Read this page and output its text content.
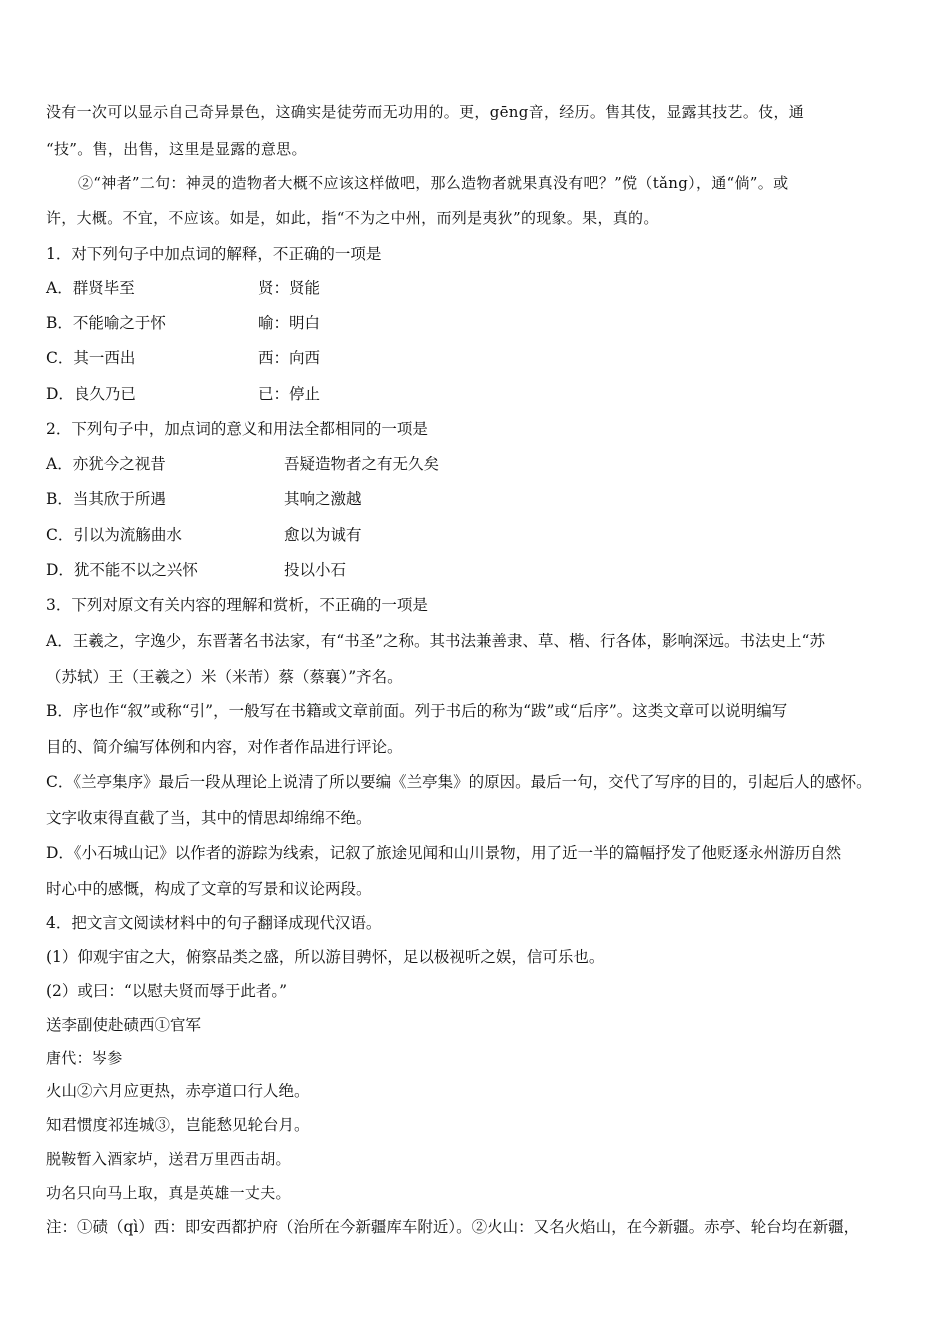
没有一次可以显示自己奇异景色，这确实是徒劳而无功用的。更，gēng音，经历。售其伎，显露其技艺。伎，通
“技”。售，出售，这里是显露的意思。
②“神者”二句：神灵的造物者大概不应该这样做吧，那么造物者就果真没有吧？”傥（tǎng），通“倘”。或
许，大概。不宜，不应该。如是，如此，指“不为之中州，而列是夷狄”的现象。果，真的。
1．对下列句子中加点词的解释，不正确的一项是
A．群贤毕至	贤：贤能
B．不能喻之于怀	喻：明白
C．其一西出	西：向西
D．良久乃已	已：停止
2．下列句子中，加点词的意义和用法全都相同的一项是
A．亦犹今之视昔	吾疑造物者之有无久矣
B．当其欣于所遇	其响之激越
C．引以为流觞曲水	愈以为诚有
D．犹不能不以之兴怀	投以小石
3．下列对原文有关内容的理解和赏析，不正确的一项是
A．王羲之，字逸少，东晋著名书法家，有“书圣”之称。其书法兼善隶、草、楷、行各体，影响深远。书法史上“苏
（苏轼）王（王羲之）米（米芾）蔡（蔡襄）”齐名。
B．序也作“叙”或称“引”，一般写在书籍或文章前面。列于书后的称为“跋”或“后序”。这类文章可以说明编写
目的、简介编写体例和内容，对作者作品进行评论。
C．《兰亭集序》最后一段从理论上说清了所以要编《兰亭集》的原因。最后一句，交代了写序的目的，引起后人的感怀。
文字收束得直截了当，其中的情思却绵绵不绝。
D．《小石城山记》以作者的游踪为线索，记叙了旅途见闻和山川景物，用了近一半的篇幅抒发了他贬逐永州游历自然
时心中的感慨，构成了文章的写景和议论两段。
4．把文言文阅读材料中的句子翻译成现代汉语。
(1）仰观宇宙之大，俯察品类之盛，所以游目骋怀，足以极视听之娱，信可乐也。
(2）或曰：“以慰夫贤而辱于此者。”
送李副使赴碛西①官军
唐代：岑参
火山②六月应更热，赤亭道口行人绝。
知君惯度祁连城③，岂能愁见轮台月。
脱鞍暂入酒家垆，送君万里西击胡。
功名只向马上取，真是英雄一丈夫。
注：①碛（qì）西：即安西都护府（治所在今新疆库车附近）。②火山：又名火焰山，在今新疆。赤亭、轮台均在新疆，
